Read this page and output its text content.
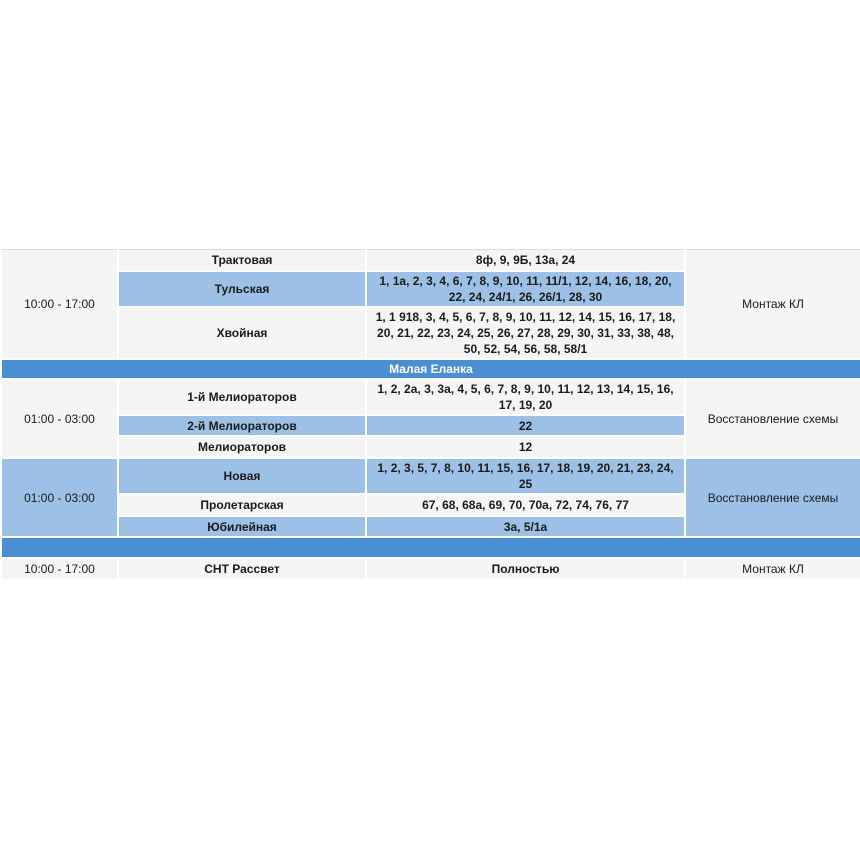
10:00 - 17:00	Трактовая	8ф, 9, 9Б, 13а, 24	Монтаж КЛ
	Тульская	1, 1а, 2, 3, 4, 6, 7, 8, 9, 10, 11, 11/1, 12, 14, 16, 18, 20, 22, 24, 24/1, 26, 26/1, 28, 30	
	Хвойная	1, 1 918, 3, 4, 5, 6, 7, 8, 9, 10, 11, 12, 14, 15, 16, 17, 18, 20, 21, 22, 23, 24, 25, 26, 27, 28, 29, 30, 31, 33, 38, 48, 50, 52, 54, 56, 58, 58/1	
Малая Еланка			
01:00 - 03:00	1-й Мелиораторов	1, 2, 2а, 3, 3а, 4, 5, 6, 7, 8, 9, 10, 11, 12, 13, 14, 15, 16, 17, 19, 20	Восстановление схемы
	2-й Мелиораторов	22	
	Мелиораторов	12	
01:00 - 03:00	Новая	1, 2, 3, 5, 7, 8, 10, 11, 15, 16, 17, 18, 19, 20, 21, 23, 24, 25	Восстановление схемы
	Пролетарская	67, 68, 68а, 69, 70, 70а, 72, 74, 76, 77	
	Юбилейная	3а, 5/1а	

10:00 - 17:00	СНТ Рассвет	Полностью	Монтаж КЛ
